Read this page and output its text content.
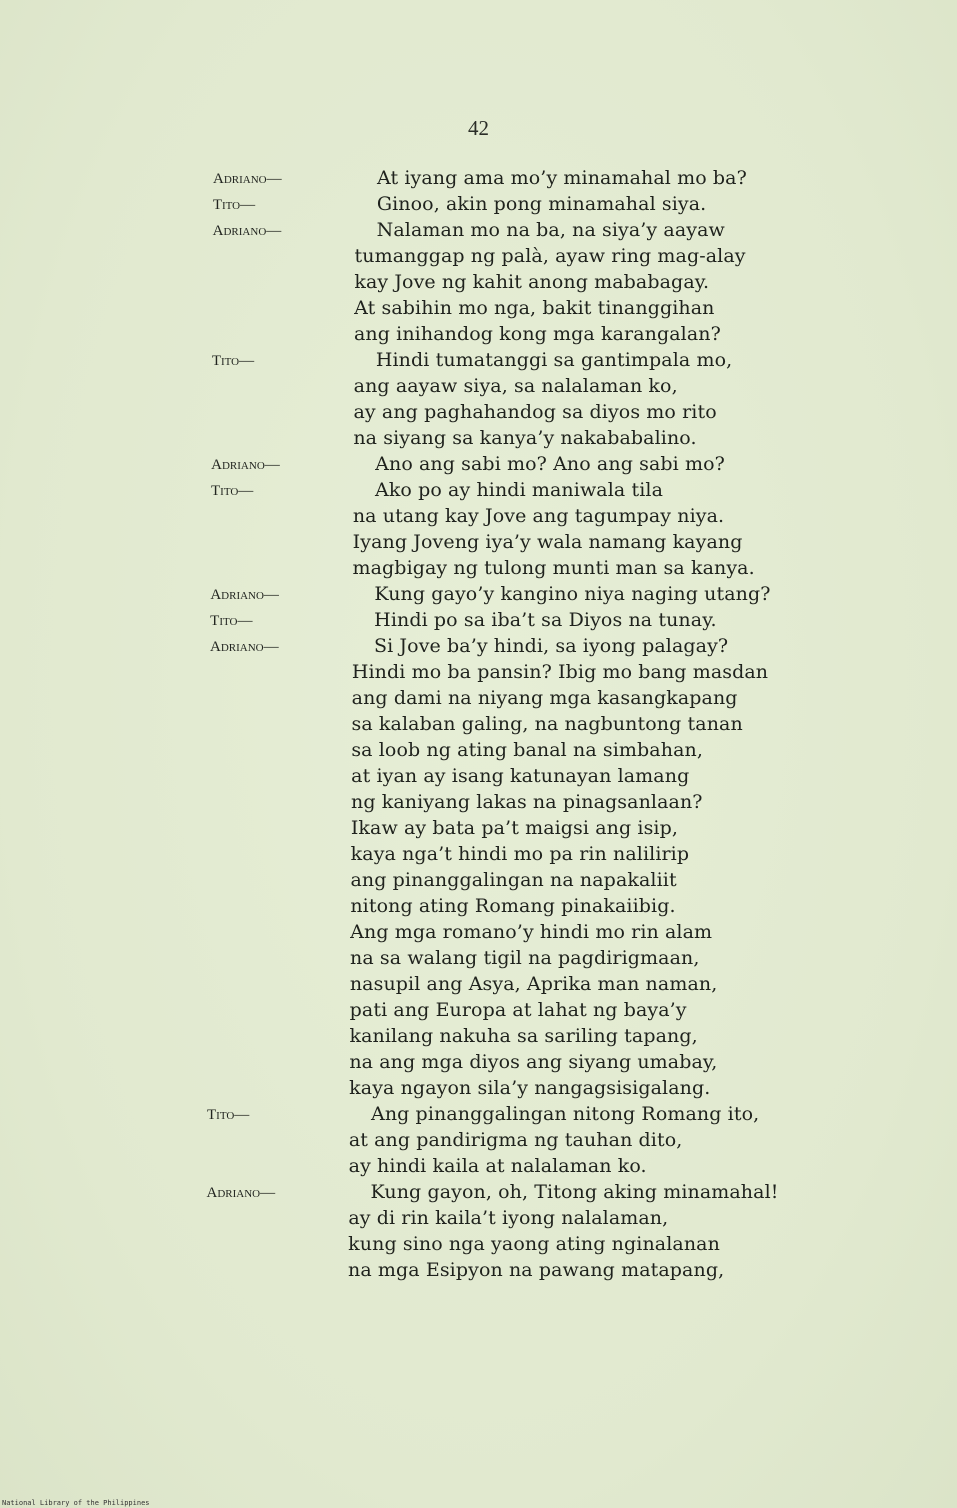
42

Adriano—	At iyang ama mo’y minamahal mo ba?
Tito—	Ginoo, akin pong minamahal siya.
Adriano—	Nalaman mo na ba, na siya’y aayaw
tumanggap ng palà, ayaw ring mag-alay
kay Jove ng kahit anong mababagay.
At sabihin mo nga, bakit tinanggihan
ang inihandog kong mga karangalan?
Tito—	Hindi tumatanggi sa gantimpala mo,
ang aayaw siya, sa nalalaman ko,
ay ang paghahandog sa diyos mo rito
na siyang sa kanya’y nakababalino.
Adriano—	Ano ang sabi mo? Ano ang sabi mo?
Tito—	Ako po ay hindi maniwala tila
na utang kay Jove ang tagumpay niya.
Iyang Joveng iya’y wala namang kayang
magbigay ng tulong munti man sa kanya.
Adriano—	Kung gayo’y kangino niya naging utang?
Tito—	Hindi po sa iba’t sa Diyos na tunay.
Adriano—	Si Jove ba’y hindi, sa iyong palagay?
Hindi mo ba pansin? Ibig mo bang masdan
ang dami na niyang mga kasangkapang
sa kalaban galing, na nagbuntong tanan
sa loob ng ating banal na simbahan,
at iyan ay isang katunayan lamang
ng kaniyang lakas na pinagsanlaan?
Ikaw ay bata pa’t maigsi ang isip,
kaya nga’t hindi mo pa rin nalilirip
ang pinanggalingan na napakaliit
nitong ating Romang pinakaiibig.
Ang mga romano’y hindi mo rin alam
na sa walang tigil na pagdirigmaan,
nasupil ang Asya, Aprika man naman,
pati ang Europa at lahat ng baya’y
kanilang nakuha sa sariling tapang,
na ang mga diyos ang siyang umabay,
kaya ngayon sila’y nangagsisigalang.
Tito—	Ang pinanggalingan nitong Romang ito,
at ang pandirigma ng tauhan dito,
ay hindi kaila at nalalaman ko.
Adriano—	Kung gayon, oh, Titong aking minamahal!
ay di rin kaila’t iyong nalalaman,
kung sino nga yaong ating nginalanan
na mga Esipyon na pawang matapang,
National Library of the Philippines
